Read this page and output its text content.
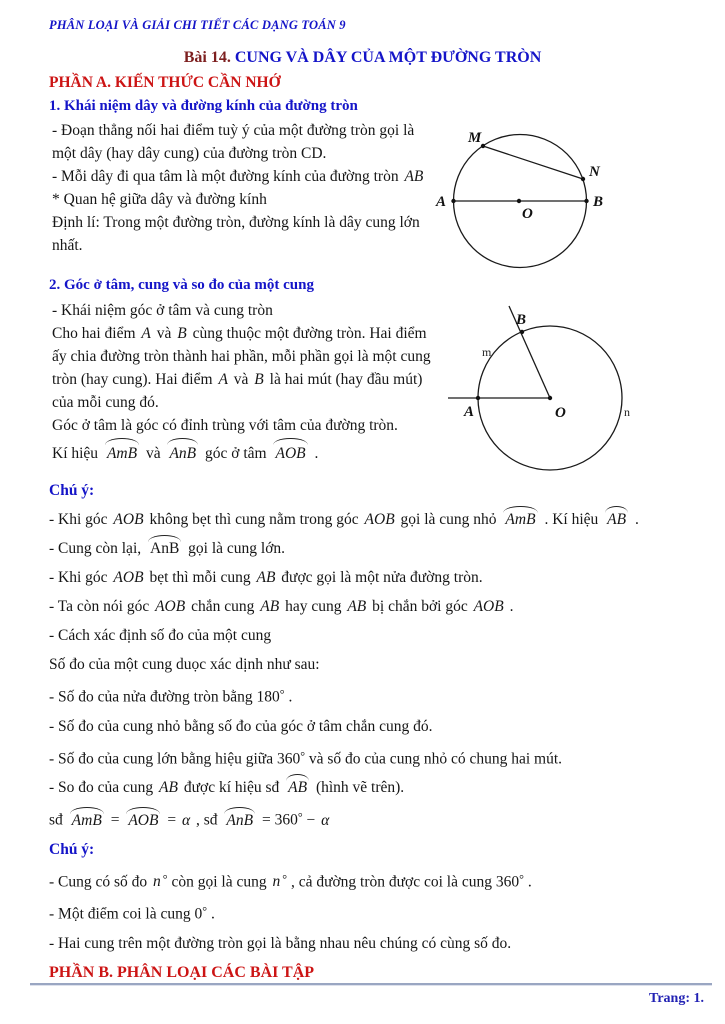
PHÂN LOẠI VÀ GIẢI CHI TIẾT CÁC DẠNG TOÁN 9
Bài 14. CUNG VÀ DÂY CỦA MỘT ĐƯỜNG TRÒN
PHẦN A. KIẾN THỨC CẦN NHỚ
1. Khái niệm dây và đường kính của đường tròn
- Đoạn thẳng nối hai điểm tuỳ ý của một đường tròn gọi là
một dây (hay dây cung) của đường tròn CD.
- Mỗi dây đi qua tâm là một đường kính của đường tròn AB
* Quan hệ giữa dây và đường kính
Định lí: Trong một đường tròn, đường kính là dây cung lớn
nhất.
M
N
A	B
O
2. Góc ở tâm, cung và so đo của một cung
- Khái niệm góc ở tâm và cung tròn
Cho hai điểm A và B cùng thuộc một đường tròn. Hai điểm
ấy chia đường tròn thành hai phần, mỗi phần gọi là một cung
tròn (hay cung). Hai điểm A và B là hai mút (hay đầu mút)
của mỗi cung đó.
Góc ở tâm là góc có đỉnh trùng với tâm của đường tròn.
Kí hiệu AmB và AnB góc ở tâm AOB .
B
m
A	O	n
Chú ý:
- Khi góc AOB không bẹt thì cung nằm trong góc AOB gọi là cung nhỏ AmB . Kí hiệu AB .
- Cung còn lại, AnB gọi là cung lớn.
- Khi góc AOB bẹt thì mỗi cung AB được gọi là một nửa đường tròn.
- Ta còn nói góc AOB chắn cung AB hay cung AB bị chắn bởi góc AOB .
- Cách xác định số đo của một cung
Số đo của một cung duọc xác dịnh như sau:
- Số đo của nửa đường tròn bằng 180° .
- Số đo của cung nhỏ bằng số đo của góc ở tâm chắn cung đó.
- Số đo của cung lớn bằng hiệu giữa 360° và số đo của cung nhỏ có chung hai mút.
- So đo của cung AB được kí hiệu sđ AB (hình vẽ trên).
sđ AmB = AOB = α , sđ AnB = 360° − α
Chú ý:
- Cung có số đo n ° còn gọi là cung n ° , cả đường tròn được coi là cung 360° .
- Một điểm coi là cung 0° .
- Hai cung trên một đường tròn gọi là bằng nhau nêu chúng có cùng số đo.
PHẦN B. PHÂN LOẠI CÁC BÀI TẬP
Trang: 1.
